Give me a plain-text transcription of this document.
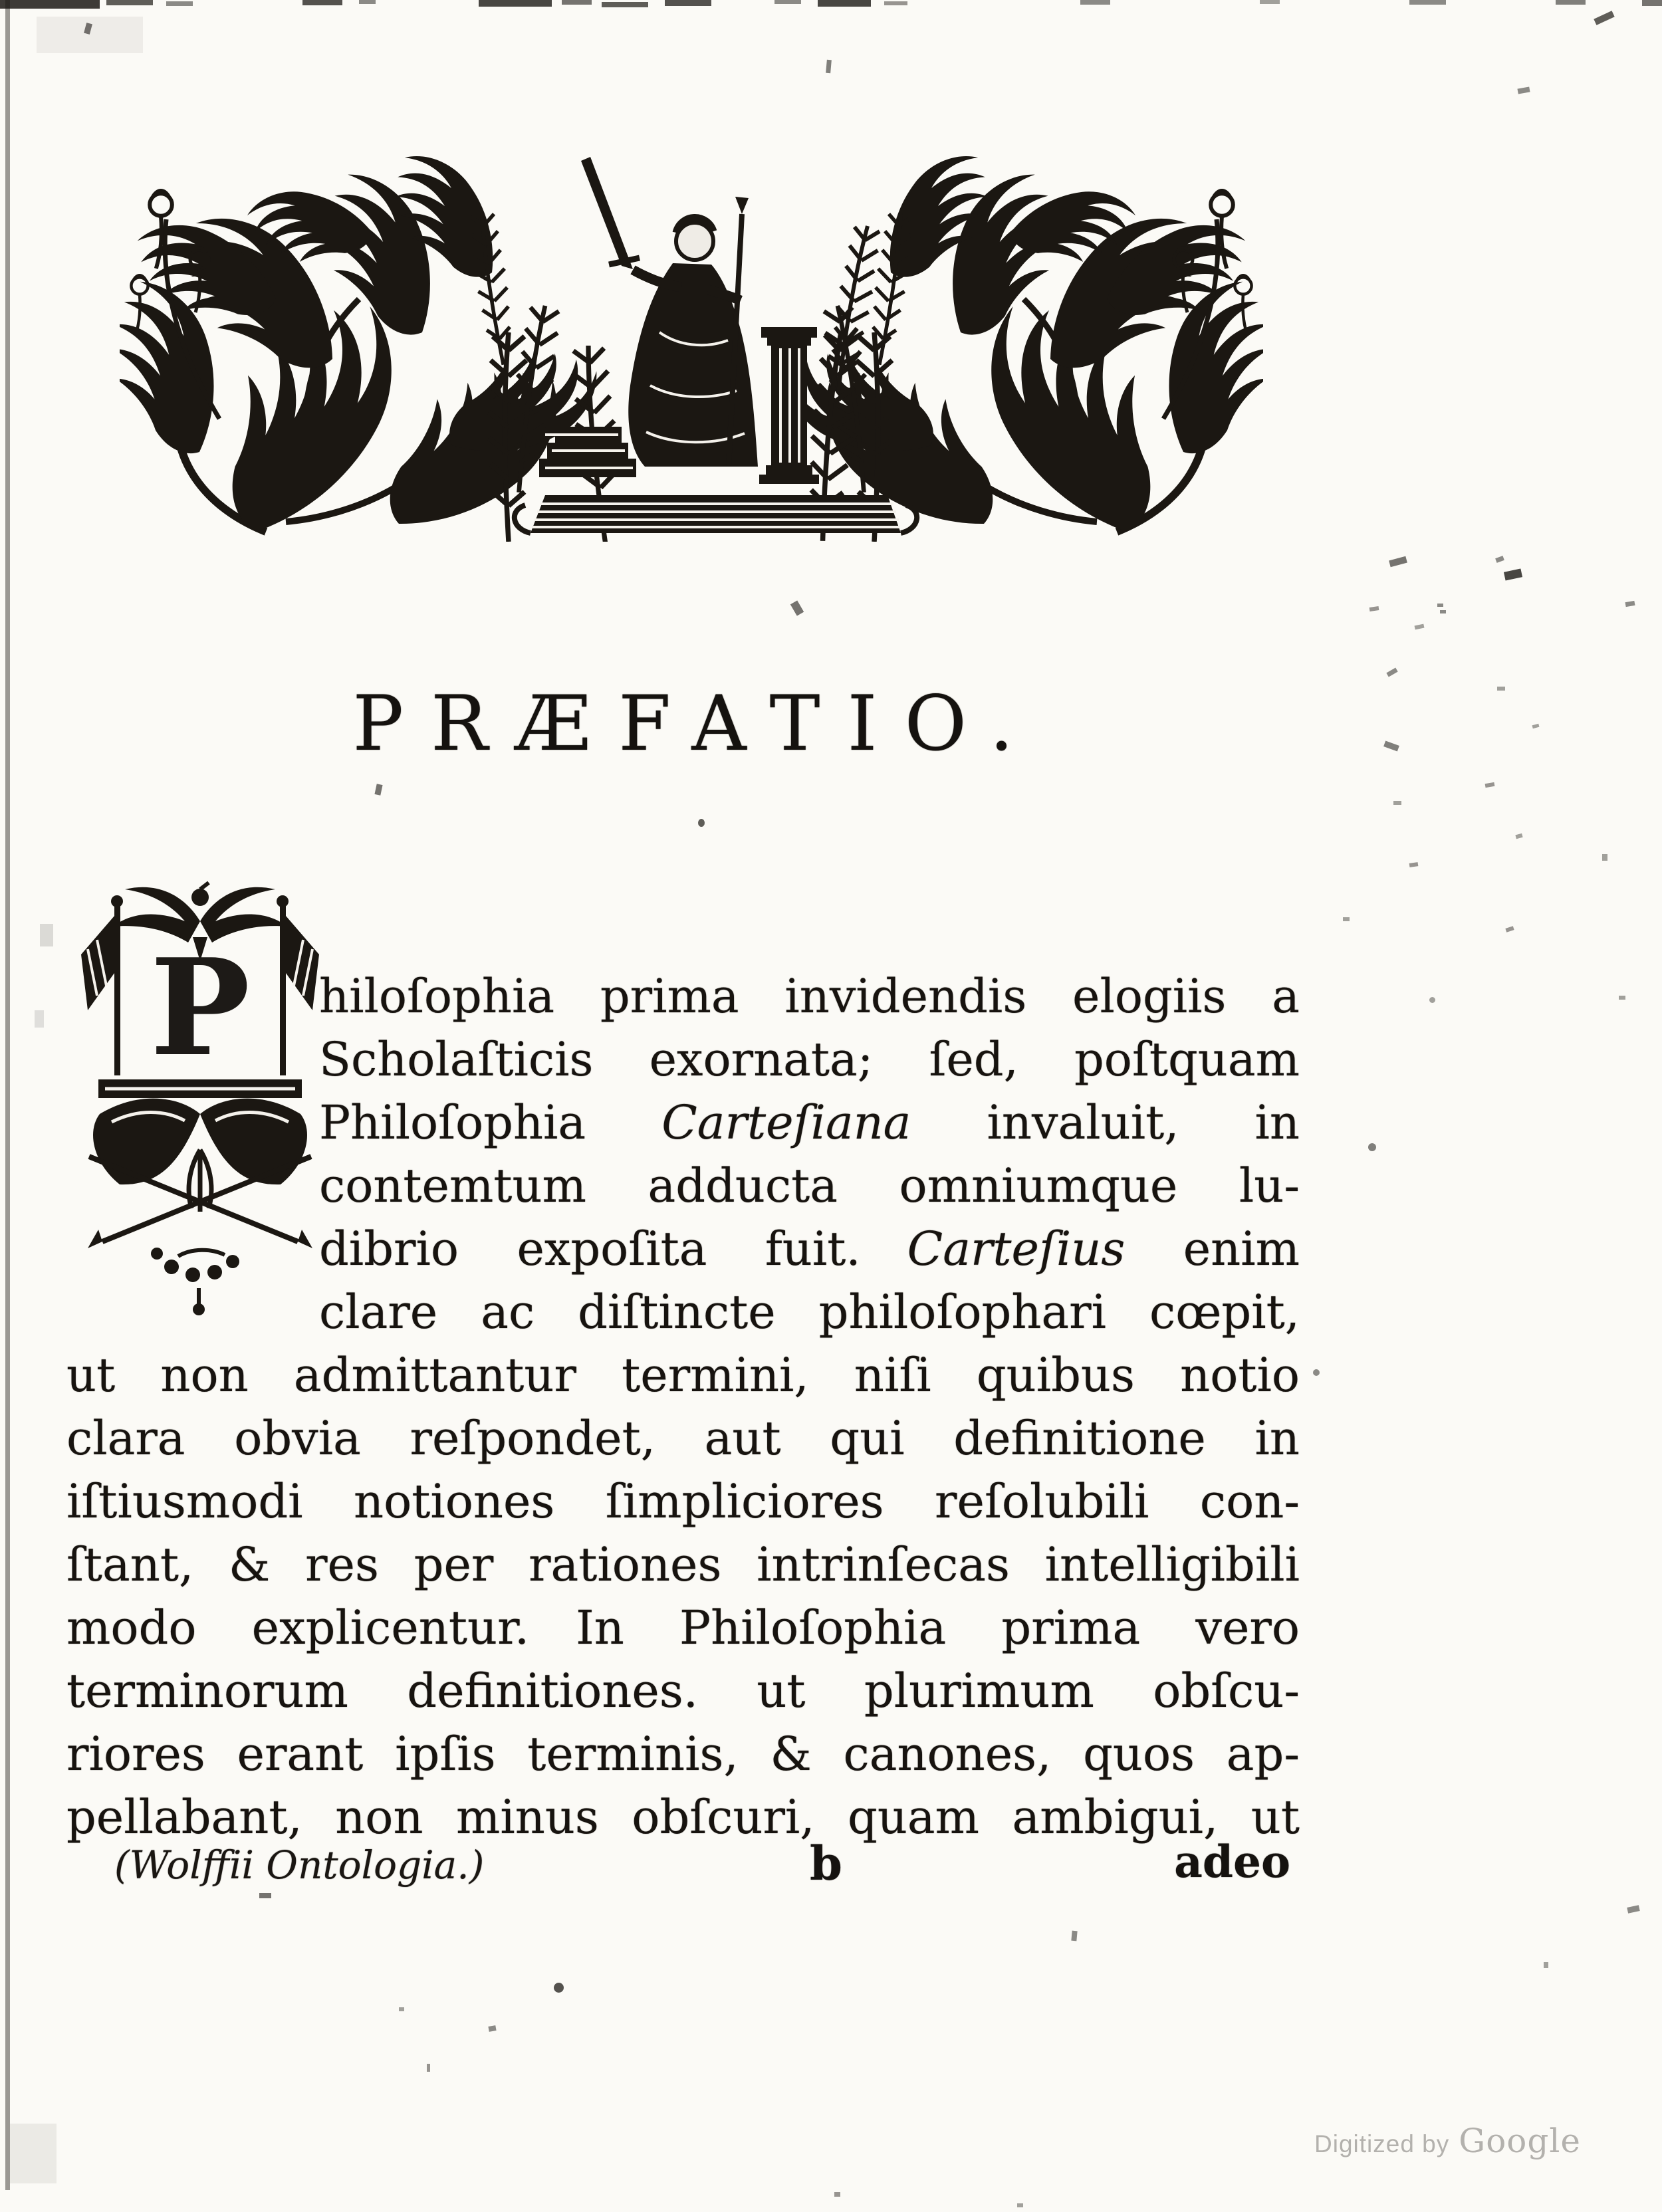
PRÆFATIO.
P	hiloſophia prima invidendis elogiis a
Scholaſticis exornata; ſed, poſtquam
Philoſophia Carteſiana invaluit, in
contemtum adducta omniumque lu-
dibrio expoſita fuit. Carteſius enim
clare ac diſtincte philoſophari cœpit,
ut non admittantur termini, niſi quibus notio
clara obvia reſpondet, aut qui definitione in
iſtiusmodi notiones ſimpliciores reſolubili con-
ſtant, & res per rationes intrinſecas intelligibili
modo explicentur. In Philoſophia prima vero
terminorum definitiones. ut plurimum obſcu-
riores erant ipſis terminis, & canones, quos ap-
pellabant, non minus obſcuri, quam ambigui, ut
(Wolffii Ontologia.)	b	adeo
Digitized by Google
